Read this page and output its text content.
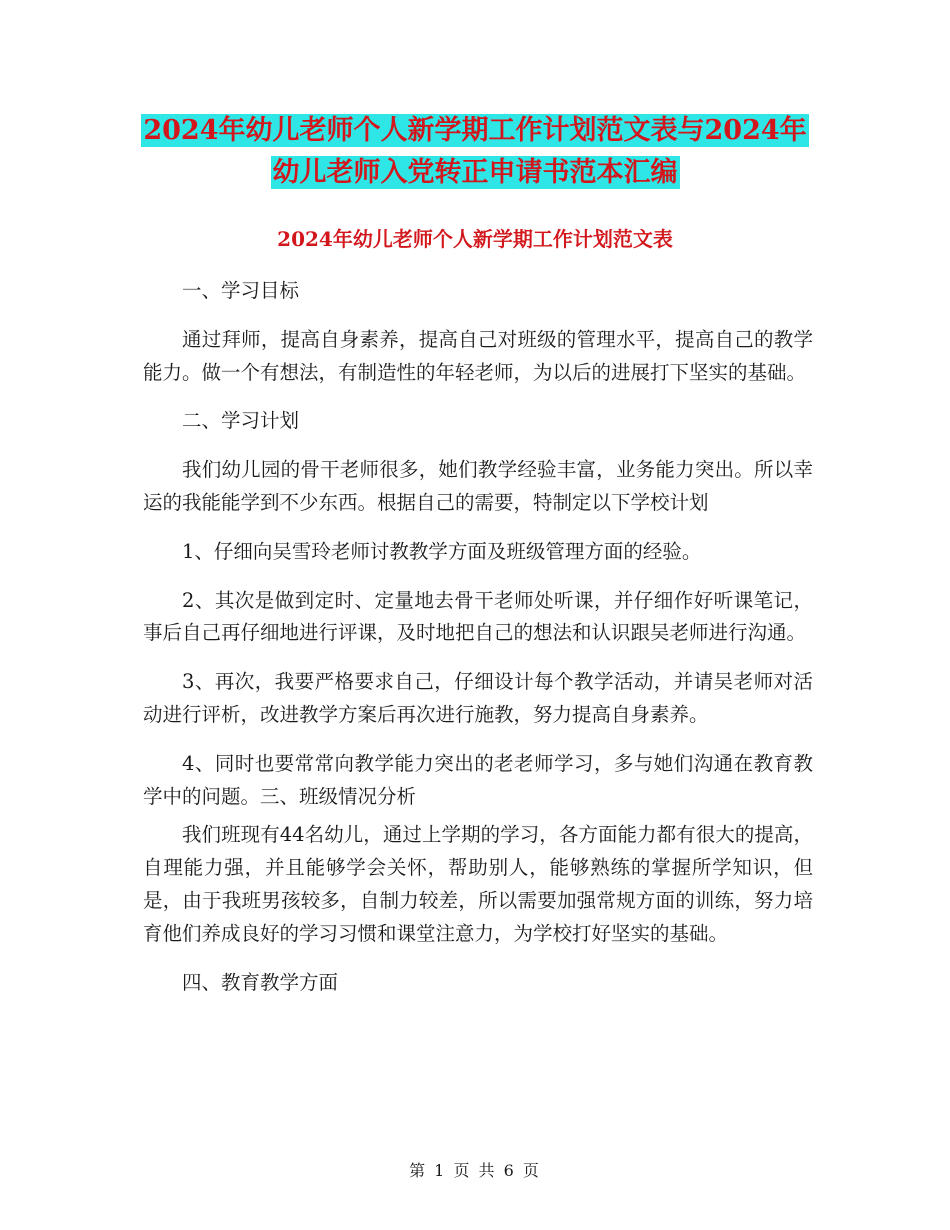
2024年幼儿老师个人新学期工作计划范文表与2024年
幼儿老师入党转正申请书范本汇编
2024年幼儿老师个人新学期工作计划范文表

一、学习目标

通过拜师，提高自身素养，提高自己对班级的管理水平，提高自己的教学能力。做一个有想法，有制造性的年轻老师，为以后的进展打下坚实的基础。

二、学习计划

我们幼儿园的骨干老师很多，她们教学经验丰富，业务能力突出。所以幸运的我能能学到不少东西。根据自己的需要，特制定以下学校计划

1、仔细向吴雪玲老师讨教教学方面及班级管理方面的经验。

2、其次是做到定时、定量地去骨干老师处听课，并仔细作好听课笔记，事后自己再仔细地进行评课，及时地把自己的想法和认识跟吴老师进行沟通。

3、再次，我要严格要求自己，仔细设计每个教学活动，并请吴老师对活动进行评析，改进教学方案后再次进行施教，努力提高自身素养。

4、同时也要常常向教学能力突出的老老师学习，多与她们沟通在教育教学中的问题。三、班级情况分析

我们班现有44名幼儿，通过上学期的学习，各方面能力都有很大的提高，自理能力强，并且能够学会关怀，帮助别人，能够熟练的掌握所学知识，但是，由于我班男孩较多，自制力较差，所以需要加强常规方面的训练，努力培育他们养成良好的学习习惯和课堂注意力，为学校打好坚实的基础。

四、教育教学方面

第 1 页 共 6 页
